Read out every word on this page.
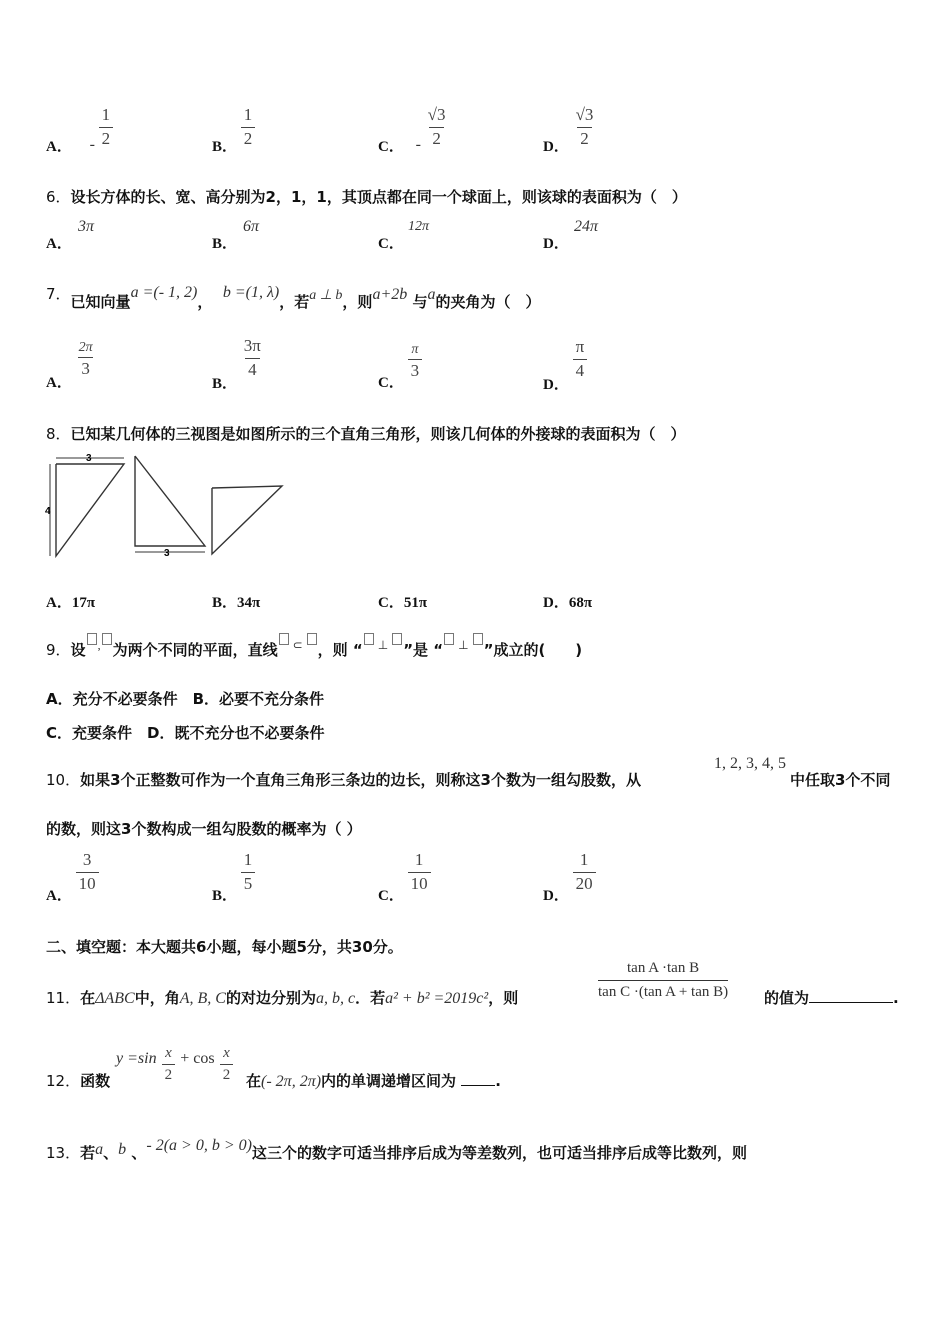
A． - $\frac{1}{2}$	B． $\frac{1}{2}$	C． - $\frac{√3}{2}$	D． $\frac{√3}{2}$
6．设长方体的长、宽、高分别为2，1，1，其顶点都在同一个球面上，则该球的表面积为（　）
A．
3π
B．
6π
C．
12π
D．
24π
7．已知向量a =(- 1, 2)，  b =(1, λ)，若a ⊥ b，则a+2b 与a的夹角为（　）
A．
$\frac{2\pi}{3}$
B．
$\frac{3\pi}{4}$
C．
$\frac{\pi}{3}$
D．
$\frac{\pi}{4}$
8．已知某几何体的三视图是如图所示的三个直角三角形，则该几何体的外接球的表面积为（　）
3
4
3
A．17π	B．34π	C．51π	D．68π
9．设 , 为两个不同的平面，直线 ⊂ ，则 “ ⊥ ”是 “ ⊥ ”成立的(　　)
A．充分不必要条件　B．必要不充分条件
C．充要条件　D．既不充分也不必要条件
10．如果3个正整数可作为一个直角三角形三条边的边长，则称这3个数为一组勾股数，从
1, 2, 3, 4, 5
中任取3个不同
的数，则这3个数构成一组勾股数的概率为（ ）
A．
$\frac{3}{10}$
B．
$\frac{1}{5}$
C．
$\frac{1}{10}$
D．
$\frac{1}{20}$
二、填空题：本大题共6小题，每小题5分，共30分。
11．在ΔABC中，角A, B, C的对边分别为a, b, c．若a² + b² =2019c²，则
tan A ·tan B
tan C ·(tan A + tan B) 的值为	.
12．函数
$y =\sin \frac{x}{2} + \cos \frac{x}{2}$ 在(- 2π, 2π)内的单调递增区间为	.
13．若a、b 、- 2(a > 0, b > 0)这三个的数字可适当排序后成为等差数列，也可适当排序后成等比数列，则
